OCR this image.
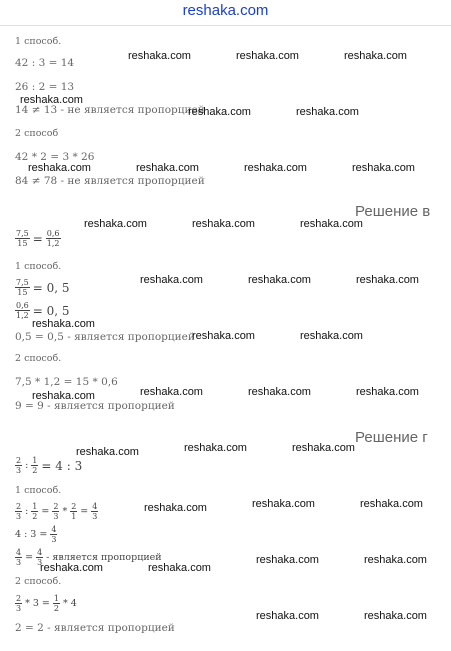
reshaka.com
1 способ.
42 : 3 = 14
26 : 2 = 13
14 ≠ 13 - не является пропорцией
2 способ
42 * 2 = 3 * 26
84 ≠ 78 - не является пропорцией
Решение в
$\frac{7,5}{15} = \frac{0,6}{1,2}$
1 способ.
$\frac{7,5}{15} = 0$, 5
$\frac{0,6}{1,2} = 0$, 5
0,5 = 0,5 - является пропорцией
2 способ.
7,5 * 1,2 = 15 * 0,6
9 = 9 - является пропорцией
Решение г
$\frac{2}{3}$ : $\frac{1}{2} = 4$ : 3
1 способ.
$\frac{2}{3}$ : $\frac{1}{2} = \frac{2}{3} * \frac{2}{1} = \frac{4}{3}$
4 : $3 = \frac{4}{3}$
$\frac{4}{3} = \frac{4}{3}$ - является пропорцией
2 способ.
$\frac{2}{3} * 3 = \frac{1}{2} * 4$
2 = 2 - является пропорцией
reshaka.com	reshaka.com	reshaka.com
reshaka.com
reshaka.com	reshaka.com
reshaka.com	reshaka.com	reshaka.com	reshaka.com
reshaka.com	reshaka.com	reshaka.com
reshaka.com	reshaka.com	reshaka.com
reshaka.com
reshaka.com	reshaka.com
reshaka.com	reshaka.com	reshaka.com
reshaka.com
reshaka.com	reshaka.com	reshaka.com
reshaka.com	reshaka.com	reshaka.com
reshaka.com	reshaka.com
reshaka.com	reshaka.com
reshaka.com	reshaka.com
